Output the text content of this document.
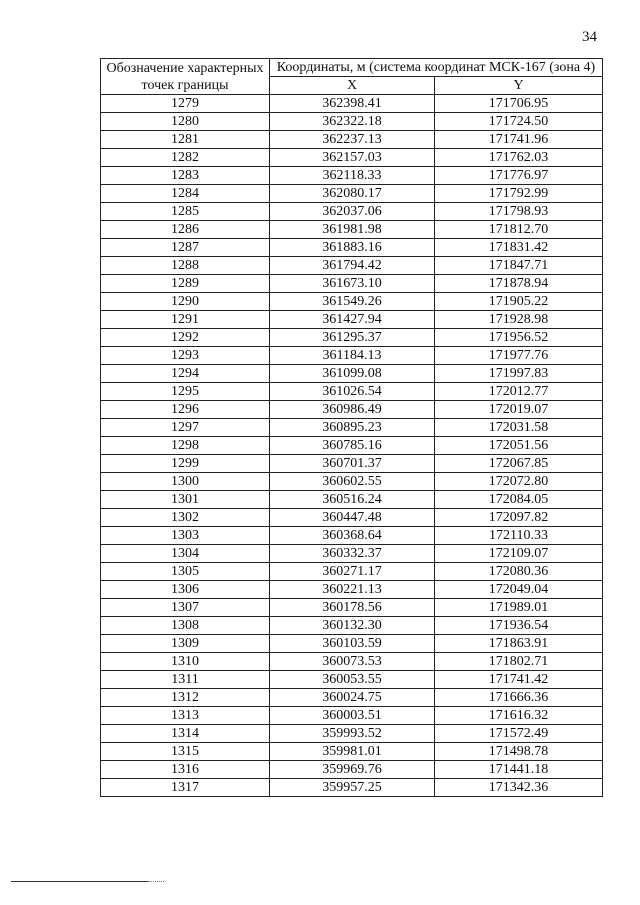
34
Обозначение характерных точек границы	Координаты, м (система координат МСК-167 (зона 4)	
	X	Y
1279	362398.41	171706.95
1280	362322.18	171724.50
1281	362237.13	171741.96
1282	362157.03	171762.03
1283	362118.33	171776.97
1284	362080.17	171792.99
1285	362037.06	171798.93
1286	361981.98	171812.70
1287	361883.16	171831.42
1288	361794.42	171847.71
1289	361673.10	171878.94
1290	361549.26	171905.22
1291	361427.94	171928.98
1292	361295.37	171956.52
1293	361184.13	171977.76
1294	361099.08	171997.83
1295	361026.54	172012.77
1296	360986.49	172019.07
1297	360895.23	172031.58
1298	360785.16	172051.56
1299	360701.37	172067.85
1300	360602.55	172072.80
1301	360516.24	172084.05
1302	360447.48	172097.82
1303	360368.64	172110.33
1304	360332.37	172109.07
1305	360271.17	172080.36
1306	360221.13	172049.04
1307	360178.56	171989.01
1308	360132.30	171936.54
1309	360103.59	171863.91
1310	360073.53	171802.71
1311	360053.55	171741.42
1312	360024.75	171666.36
1313	360003.51	171616.32
1314	359993.52	171572.49
1315	359981.01	171498.78
1316	359969.76	171441.18
1317	359957.25	171342.36
